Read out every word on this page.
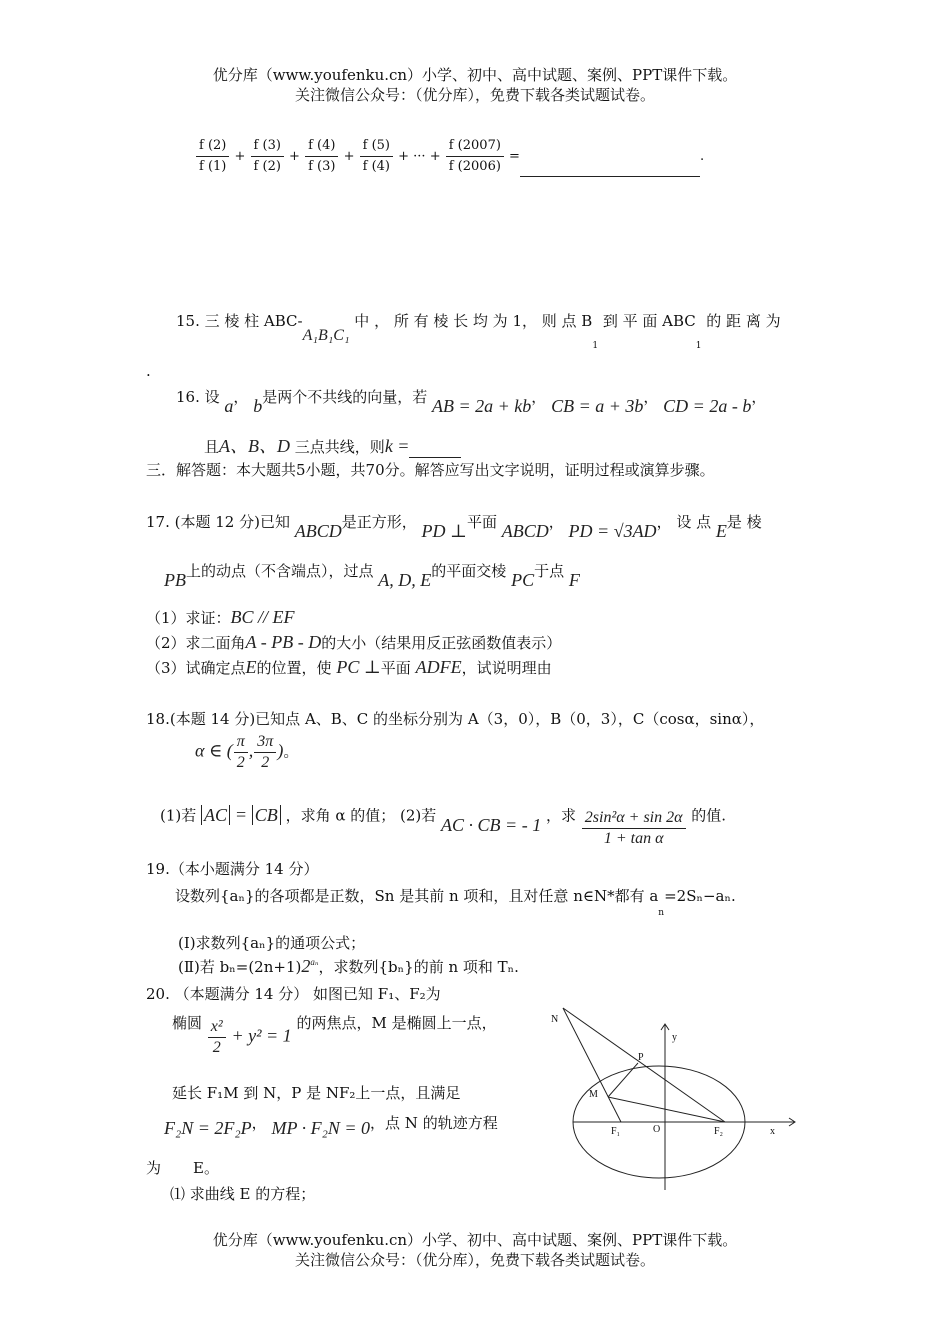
优分库（www.youfenku.cn）小学、初中、高中试题、案例、PPT课件下载。
关注微信公众号：（优分库），免费下载各类试题试卷。
$\frac{f (2)}{f (1)} + \frac{f (3)}{f (2)} + \frac{f (4)}{f (3)} + \frac{f (5)}{f (4)}$ + ··· + $\frac{f (2007)}{f (2006)}$ =	.
15. 三 棱 柱 ABC-A₁B₁C₁ 中 ， 所 有 棱 长 均 为 1， 则 点 $B_1$ 到 平 面 $ABC_1$ 的 距 离 为
.
16. 设 a， b是两个不共线的向量，若 AB = 2a + kb， CB = a + 3b， CD = 2a - b，
且A、B、D 三点共线，则k =
三．解答题：本大题共5小题，共70分。解答应写出文字说明，证明过程或演算步骤。
17. (本题 12 分)已知 ABCD是正方形， PD ⊥平面 ABCD， PD = √3AD， 设 点 E是 棱
PB上的动点（不含端点），过点 A, D, E的平面交棱 PC于点 F
（1）求证：BC // EF
（2）求二面角A - PB - D的大小（结果用反正弦函数值表示）
（3）试确定点E的位置，使 PC ⊥平面 ADFE，试说明理由
18.(本题 14 分)已知点 A、B、C 的坐标分别为 A（3，0），B（0，3），C（cosα，sinα），
α ∈ ( $\frac{\pi}{2}$ , $\frac{3\pi}{2}$ )。
(1)若 AC = CB ，求角 α 的值； (2)若 AC · CB = - 1 ，求 $\frac{\text{2sin²α + sin 2α}}{\text{1 + tan α}}$ 的值.
19.（本小题满分 14 分）
设数列{aₙ}的各项都是正数，Sn 是其前 n 项和，且对任意 n∈N*都有 $a_n=2S_n-a_n$.
(Ⅰ)求数列{aₙ}的通项公式；
(Ⅱ)若 $b_n=(2n+1)2^{a_n}$，求数列{bₙ}的前 n 项和 Tₙ.
20. （本题满分 14 分） 如图已知 F₁、F₂为
椭圆 $\frac{\text{x²}}{2} + y^2 = 1$ 的两焦点，M 是椭圆上一点，
延长 F₁M 到 N，P 是 NF₂上一点，且满足
F₂N = 2F₂P， MP · F₂N = 0，点 N 的轨迹方程
为 E。
⑴ 求曲线 E 的方程；
N
y
P
M
F₁	O	F₂	x
优分库（www.youfenku.cn）小学、初中、高中试题、案例、PPT课件下载。
关注微信公众号：（优分库），免费下载各类试题试卷。
